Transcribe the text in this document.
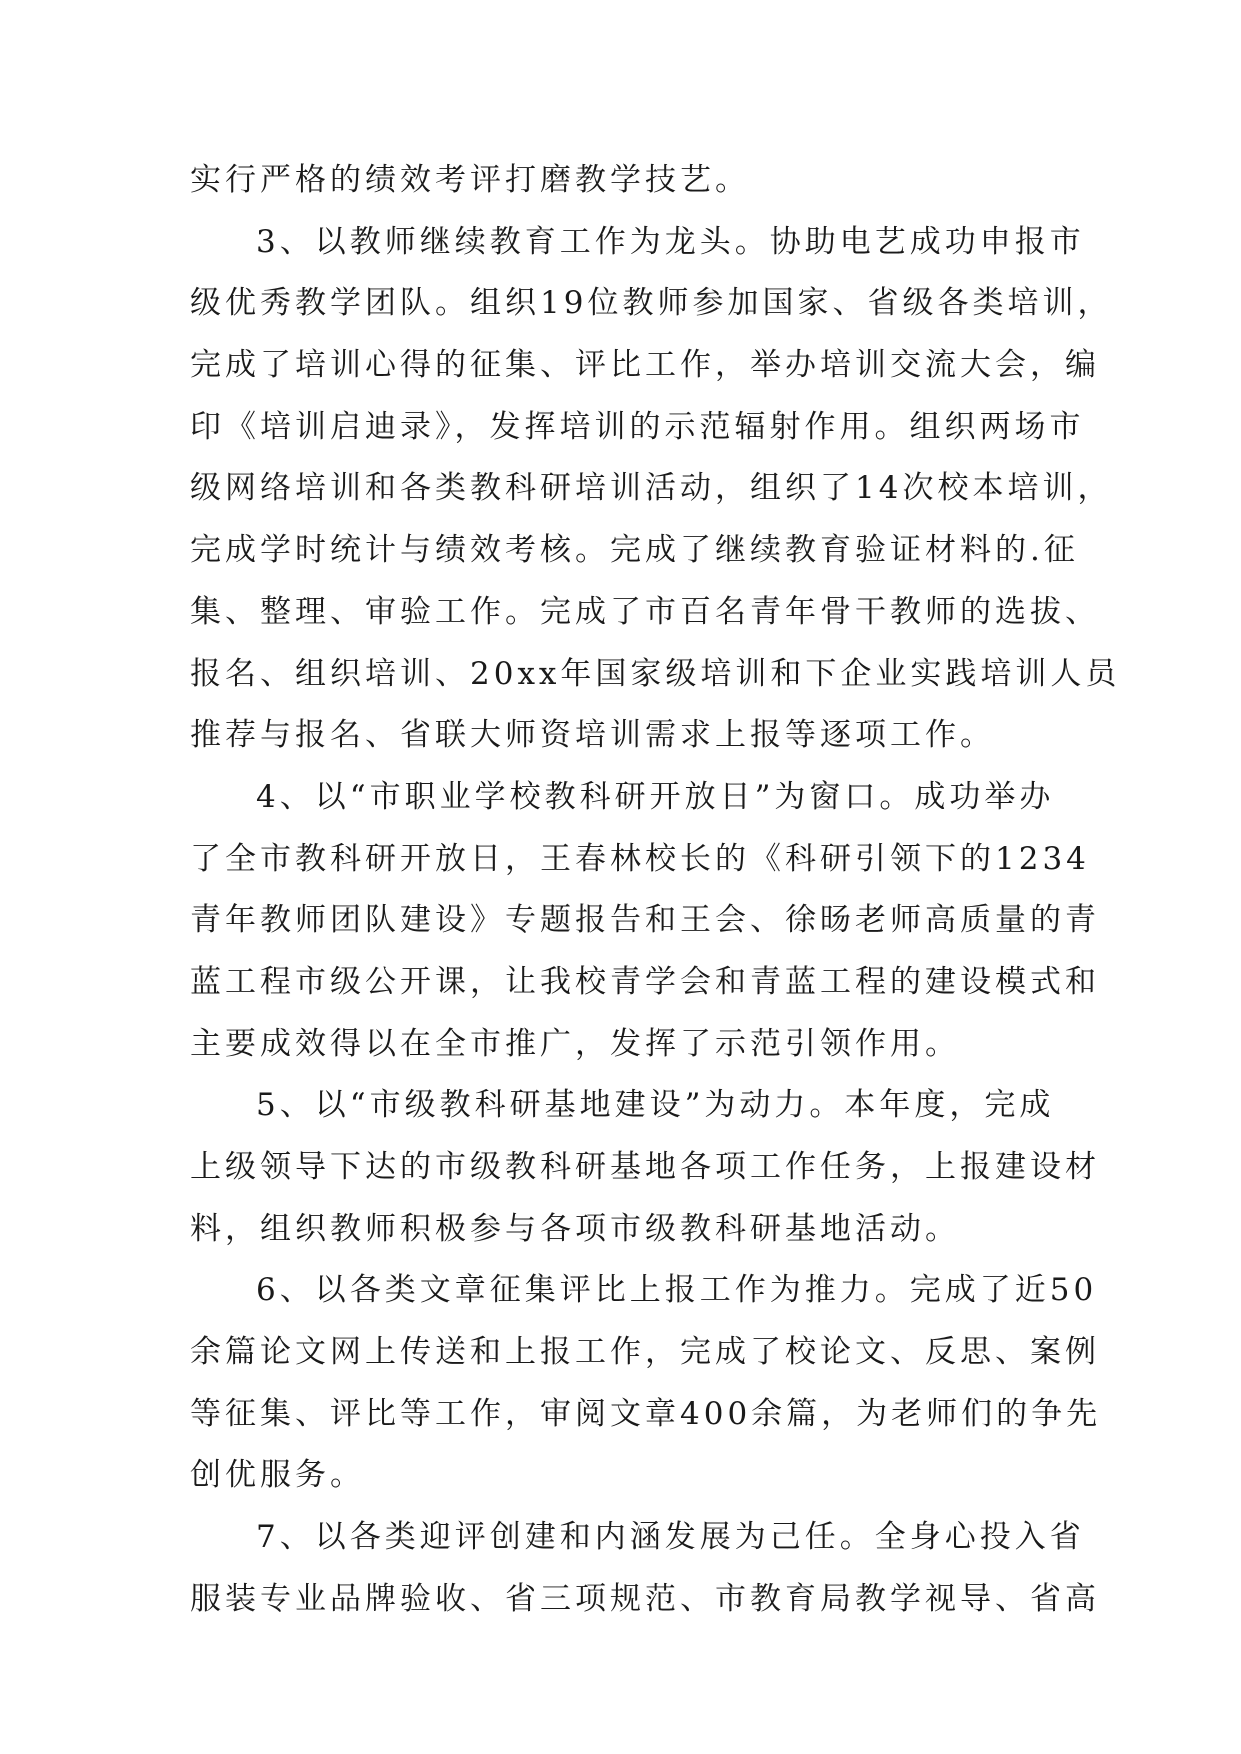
实行严格的绩效考评打磨教学技艺。
3、以教师继续教育工作为龙头。协助电艺成功申报市
级优秀教学团队。组织19位教师参加国家、省级各类培训，
完成了培训心得的征集、评比工作，举办培训交流大会，编
印《培训启迪录》，发挥培训的示范辐射作用。组织两场市
级网络培训和各类教科研培训活动，组织了14次校本培训，
完成学时统计与绩效考核。完成了继续教育验证材料的.征
集、整理、审验工作。完成了市百名青年骨干教师的选拔、
报名、组织培训、20xx年国家级培训和下企业实践培训人员
推荐与报名、省联大师资培训需求上报等逐项工作。
4、以“市职业学校教科研开放日”为窗口。成功举办
了全市教科研开放日，王春林校长的《科研引领下的1234
青年教师团队建设》专题报告和王会、徐旸老师高质量的青
蓝工程市级公开课，让我校青学会和青蓝工程的建设模式和
主要成效得以在全市推广，发挥了示范引领作用。
5、以“市级教科研基地建设”为动力。本年度，完成
上级领导下达的市级教科研基地各项工作任务，上报建设材
料，组织教师积极参与各项市级教科研基地活动。
6、以各类文章征集评比上报工作为推力。完成了近50
余篇论文网上传送和上报工作，完成了校论文、反思、案例
等征集、评比等工作，审阅文章400余篇，为老师们的争先
创优服务。
7、以各类迎评创建和内涵发展为己任。全身心投入省
服装专业品牌验收、省三项规范、市教育局教学视导、省高
